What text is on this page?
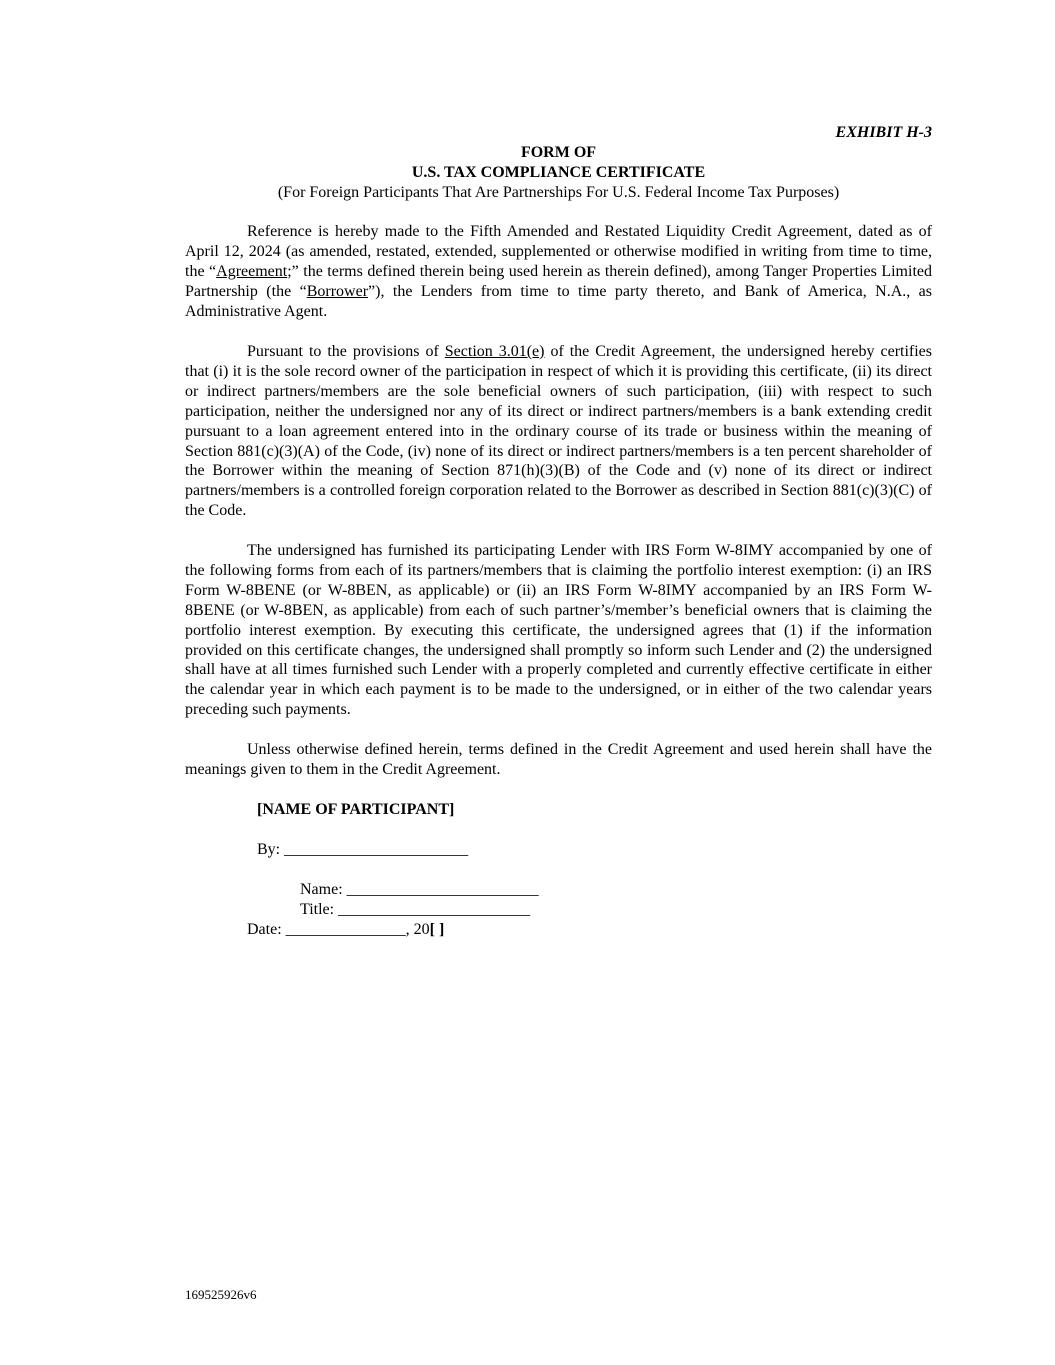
EXHIBIT H-3
FORM OF
U.S. TAX COMPLIANCE CERTIFICATE
(For Foreign Participants That Are Partnerships For U.S. Federal Income Tax Purposes)

Reference is hereby made to the Fifth Amended and Restated Liquidity Credit Agreement, dated as of April 12, 2024 (as amended, restated, extended, supplemented or otherwise modified in writing from time to time, the “Agreement;” the terms defined therein being used herein as therein defined), among Tanger Properties Limited Partnership (the “Borrower”), the Lenders from time to time party thereto, and Bank of America, N.A., as Administrative Agent.

Pursuant to the provisions of Section 3.01(e) of the Credit Agreement, the undersigned hereby certifies that (i) it is the sole record owner of the participation in respect of which it is providing this certificate, (ii) its direct or indirect partners/members are the sole beneficial owners of such participation, (iii) with respect to such participation, neither the undersigned nor any of its direct or indirect partners/members is a bank extending credit pursuant to a loan agreement entered into in the ordinary course of its trade or business within the meaning of Section 881(c)(3)(A) of the Code, (iv) none of its direct or indirect partners/members is a ten percent shareholder of the Borrower within the meaning of Section 871(h)(3)(B) of the Code and (v) none of its direct or indirect partners/members is a controlled foreign corporation related to the Borrower as described in Section 881(c)(3)(C) of the Code.

The undersigned has furnished its participating Lender with IRS Form W-8IMY accompanied by one of the following forms from each of its partners/members that is claiming the portfolio interest exemption: (i) an IRS Form W-8BENE (or W-8BEN, as applicable) or (ii) an IRS Form W-8IMY accompanied by an IRS Form W-8BENE (or W-8BEN, as applicable) from each of such partner’s/member’s beneficial owners that is claiming the portfolio interest exemption. By executing this certificate, the undersigned agrees that (1) if the information provided on this certificate changes, the undersigned shall promptly so inform such Lender and (2) the undersigned shall have at all times furnished such Lender with a properly completed and currently effective certificate in either the calendar year in which each payment is to be made to the undersigned, or in either of the two calendar years preceding such payments.

Unless otherwise defined herein, terms defined in the Credit Agreement and used herein shall have the meanings given to them in the Credit Agreement.

[NAME OF PARTICIPANT]
By: _______________________
Name: ________________________
Title: ________________________
Date: _______________, 20[ ]
169525926v6
